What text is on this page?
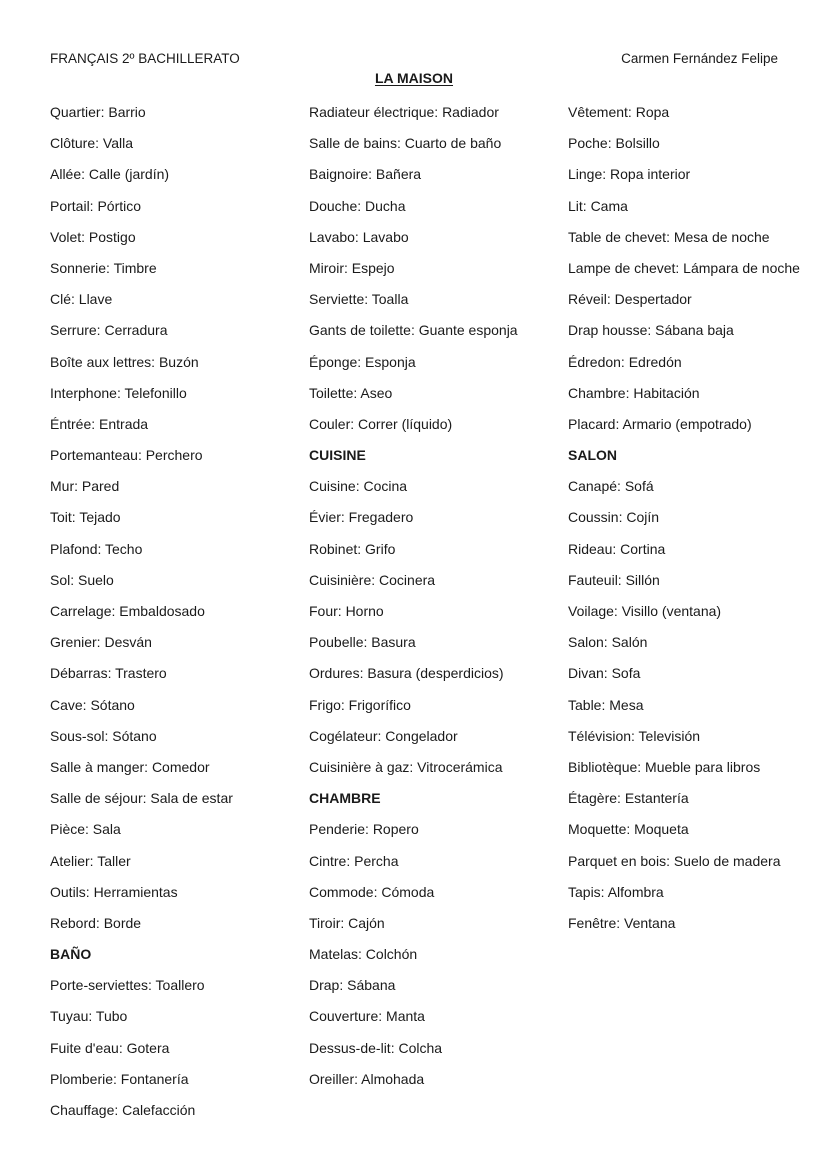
FRANÇAIS 2º BACHILLERATO	Carmen Fernández Felipe
LA MAISON
Quartier: Barrio
Clôture: Valla
Allée: Calle (jardín)
Portail: Pórtico
Volet: Postigo
Sonnerie: Timbre
Clé: Llave
Serrure: Cerradura
Boîte aux lettres: Buzón
Interphone: Telefonillo
Éntrée: Entrada
Portemanteau: Perchero
Mur: Pared
Toit: Tejado
Plafond: Techo
Sol: Suelo
Carrelage: Embaldosado
Grenier: Desván
Débarras: Trastero
Cave: Sótano
Sous-sol: Sótano
Salle à manger: Comedor
Salle de séjour: Sala de estar
Pièce: Sala
Atelier: Taller
Outils: Herramientas
Rebord: Borde
BAÑO
Porte-serviettes: Toallero
Tuyau: Tubo
Fuite d'eau: Gotera
Plomberie: Fontanería
Chauffage: Calefacción
Radiateur électrique: Radiador
Salle de bains: Cuarto de baño
Baignoire: Bañera
Douche: Ducha
Lavabo: Lavabo
Miroir: Espejo
Serviette: Toalla
Gants de toilette: Guante esponja
Éponge: Esponja
Toilette: Aseo
Couler: Correr (líquido)
CUISINE
Cuisine: Cocina
Évier: Fregadero
Robinet: Grifo
Cuisinière: Cocinera
Four: Horno
Poubelle: Basura
Ordures: Basura (desperdicios)
Frigo: Frigorífico
Cogélateur: Congelador
Cuisinière à gaz: Vitrocerámica
CHAMBRE
Penderie: Ropero
Cintre: Percha
Commode: Cómoda
Tiroir: Cajón
Matelas: Colchón
Drap: Sábana
Couverture: Manta
Dessus-de-lit: Colcha
Oreiller: Almohada
Vêtement: Ropa
Poche: Bolsillo
Linge: Ropa interior
Lit: Cama
Table de chevet: Mesa de noche
Lampe de chevet: Lámpara de noche
Réveil: Despertador
Drap housse: Sábana baja
Édredon: Edredón
Chambre: Habitación
Placard: Armario (empotrado)
SALON
Canapé: Sofá
Coussin: Cojín
Rideau: Cortina
Fauteuil: Sillón
Voilage: Visillo (ventana)
Salon: Salón
Divan: Sofa
Table: Mesa
Télévision: Televisión
Bibliotèque: Mueble para libros
Étagère: Estantería
Moquette: Moqueta
Parquet en bois: Suelo de madera
Tapis: Alfombra
Fenêtre: Ventana
